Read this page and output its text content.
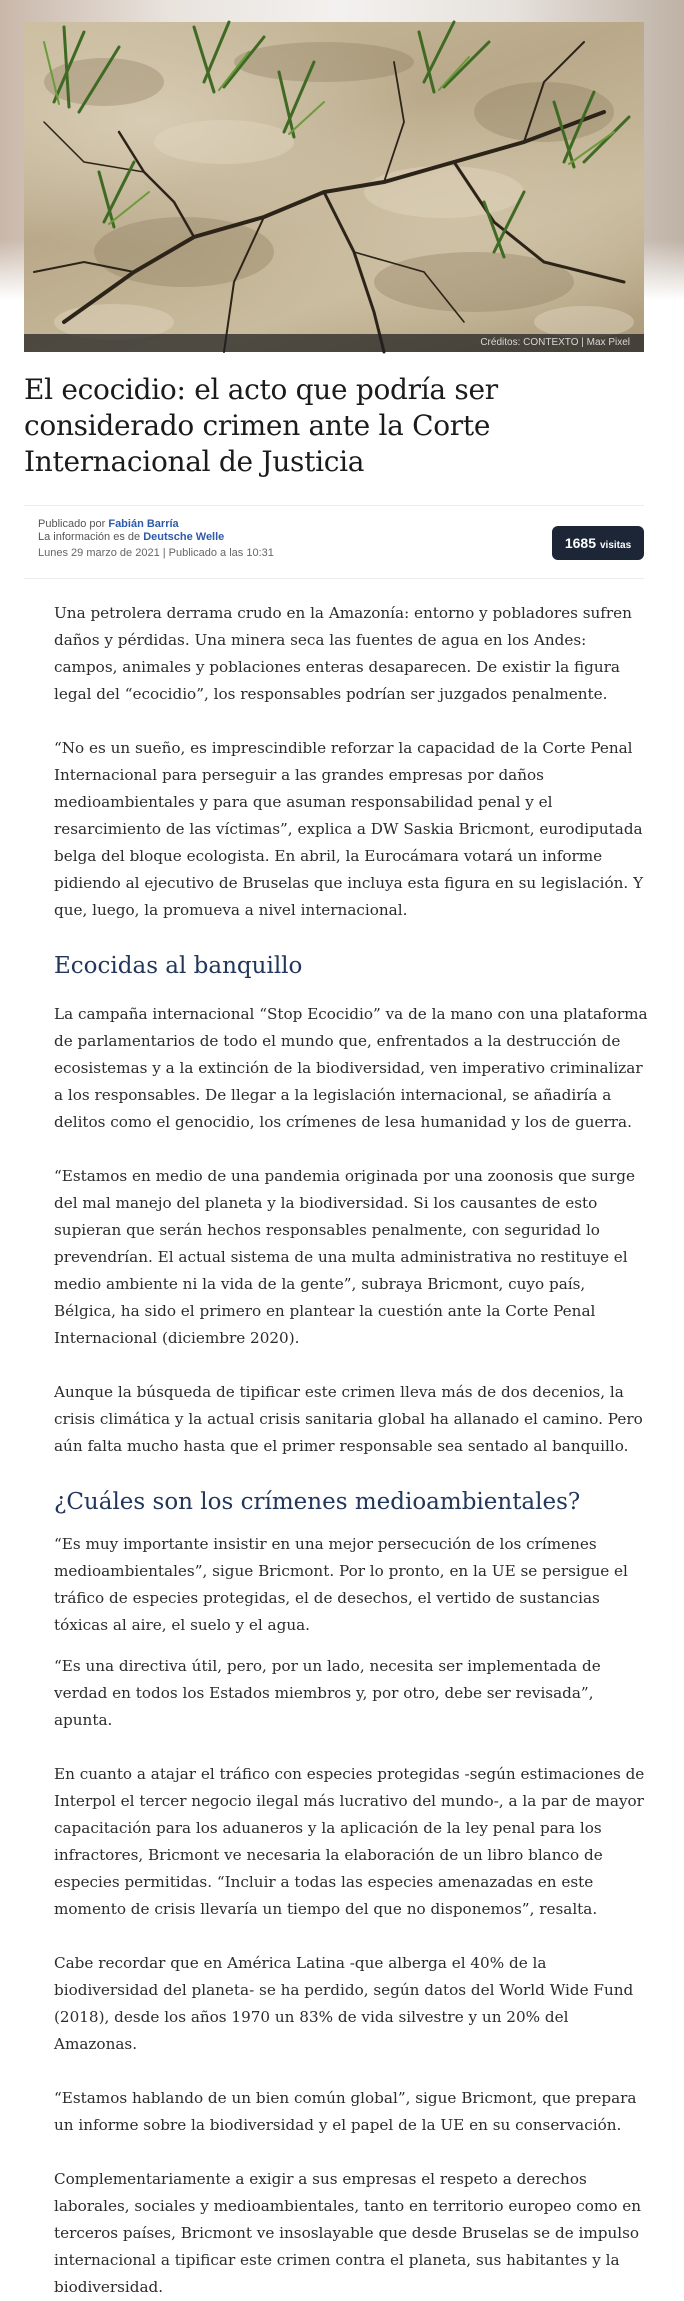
Créditos: CONTEXTO | Max Pixel
El ecocidio: el acto que podría ser considerado crimen ante la Corte Internacional de Justicia
Publicado por Fabián Barría
La información es de Deutsche Welle
Lunes 29 marzo de 2021 | Publicado a las 10:31
1685 visitas

Una petrolera derrama crudo en la Amazonía: entorno y pobladores sufren daños y pérdidas. Una minera seca las fuentes de agua en los Andes: campos, animales y poblaciones enteras desaparecen. De existir la figura legal del “ecocidio”, los responsables podrían ser juzgados penalmente.

“No es un sueño, es imprescindible reforzar la capacidad de la Corte Penal Internacional para perseguir a las grandes empresas por daños medioambientales y para que asuman responsabilidad penal y el resarcimiento de las víctimas”, explica a DW Saskia Bricmont, eurodiputada belga del bloque ecologista. En abril, la Eurocámara votará un informe pidiendo al ejecutivo de Bruselas que incluya esta figura en su legislación. Y que, luego, la promueva a nivel internacional.

Ecocidas al banquillo

La campaña internacional “Stop Ecocidio” va de la mano con una plataforma de parlamentarios de todo el mundo que, enfrentados a la destrucción de ecosistemas y a la extinción de la biodiversidad, ven imperativo criminalizar a los responsables. De llegar a la legislación internacional, se añadiría a delitos como el genocidio, los crímenes de lesa humanidad y los de guerra.

“Estamos en medio de una pandemia originada por una zoonosis que surge del mal manejo del planeta y la biodiversidad. Si los causantes de esto supieran que serán hechos responsables penalmente, con seguridad lo prevendrían. El actual sistema de una multa administrativa no restituye el medio ambiente ni la vida de la gente”, subraya Bricmont, cuyo país, Bélgica, ha sido el primero en plantear la cuestión ante la Corte Penal Internacional (diciembre 2020).

Aunque la búsqueda de tipificar este crimen lleva más de dos decenios, la crisis climática y la actual crisis sanitaria global ha allanado el camino. Pero aún falta mucho hasta que el primer responsable sea sentado al banquillo.

¿Cuáles son los crímenes medioambientales?

“Es muy importante insistir en una mejor persecución de los crímenes medioambientales”, sigue Bricmont. Por lo pronto, en la UE se persigue el tráfico de especies protegidas, el de desechos, el vertido de sustancias tóxicas al aire, el suelo y el agua.

“Es una directiva útil, pero, por un lado, necesita ser implementada de verdad en todos los Estados miembros y, por otro, debe ser revisada”, apunta.

En cuanto a atajar el tráfico con especies protegidas -según estimaciones de Interpol el tercer negocio ilegal más lucrativo del mundo-, a la par de mayor capacitación para los aduaneros y la aplicación de la ley penal para los infractores, Bricmont ve necesaria la elaboración de un libro blanco de especies permitidas. “Incluir a todas las especies amenazadas en este momento de crisis llevaría un tiempo del que no disponemos”, resalta.

Cabe recordar que en América Latina -que alberga el 40% de la biodiversidad del planeta- se ha perdido, según datos del World Wide Fund (2018), desde los años 1970 un 83% de vida silvestre y un 20% del Amazonas.

“Estamos hablando de un bien común global”, sigue Bricmont, que prepara un informe sobre la biodiversidad y el papel de la UE en su conservación.

Complementariamente a exigir a sus empresas el respeto a derechos laborales, sociales y medioambientales, tanto en territorio europeo como en terceros países, Bricmont ve insoslayable que desde Bruselas se de impulso internacional a tipificar este crimen contra el planeta, sus habitantes y la biodiversidad.
